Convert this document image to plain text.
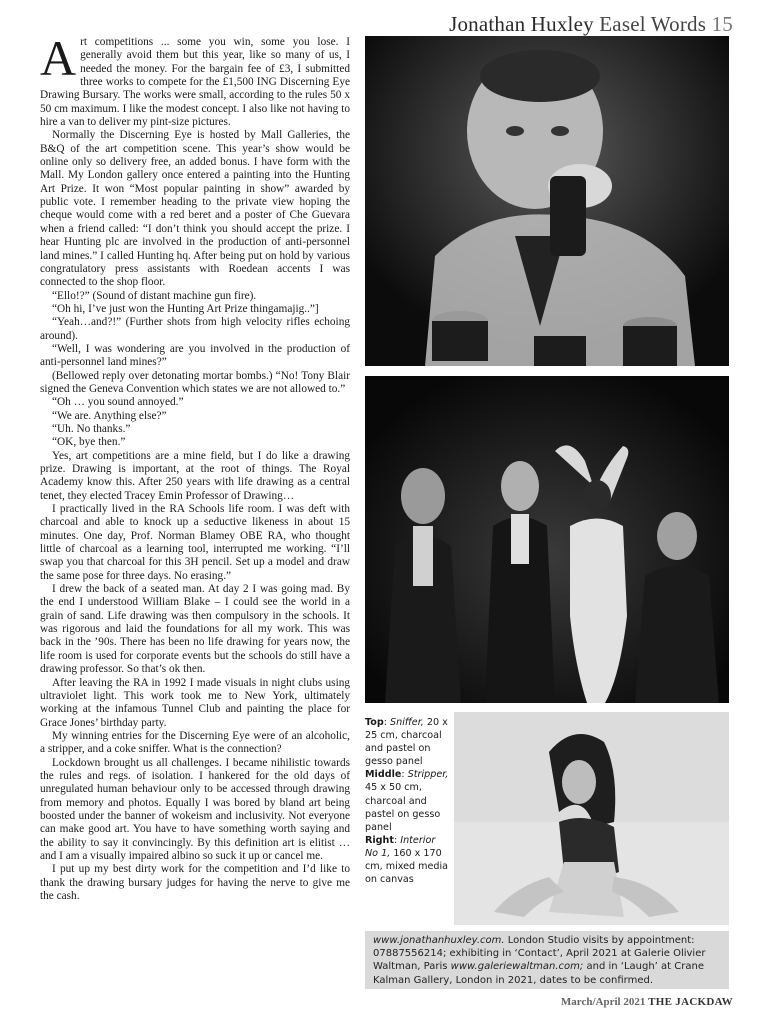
Jonathan Huxley Easel Words 15

Art competitions ... some you win, some you lose. I generally avoid them but this year, like so many of us, I needed the money. For the bargain fee of £3, I submitted three works to compete for the £1,500 ING Discerning Eye Drawing Bursary. The works were small, according to the rules 50 x 50 cm maximum. I like the modest concept. I also like not having to hire a van to deliver my pint-size pictures.

Normally the Discerning Eye is hosted by Mall Galleries, the B&Q of the art competition scene. This year’s show would be online only so delivery free, an added bonus. I have form with the Mall. My London gallery once entered a painting into the Hunting Art Prize. It won “Most popular painting in show” awarded by public vote. I remember heading to the private view hoping the cheque would come with a red beret and a poster of Che Guevara when a friend called: “I don’t think you should accept the prize. I hear Hunting plc are involved in the production of anti-personnel land mines.” I called Hunting hq. After being put on hold by various congratulatory press assistants with Roedean accents I was connected to the shop floor.

“Ello!?” (Sound of distant machine gun fire).

“Oh hi, I’ve just won the Hunting Art Prize thingamajig..”]

“Yeah…and?!” (Further shots from high velocity rifles echoing around).

“Well, I was wondering are you involved in the production of anti-personnel land mines?”

(Bellowed reply over detonating mortar bombs.) “No! Tony Blair signed the Geneva Convention which states we are not allowed to.”

“Oh … you sound annoyed.”

“We are. Anything else?”

“Uh. No thanks.”

“OK, bye then.”

Yes, art competitions are a mine field, but I do like a drawing prize. Drawing is important, at the root of things. The Royal Academy know this. After 250 years with life drawing as a central tenet, they elected Tracey Emin Professor of Drawing…

I practically lived in the RA Schools life room. I was deft with charcoal and able to knock up a seductive likeness in about 15 minutes. One day, Prof. Norman Blamey OBE RA, who thought little of charcoal as a learning tool, interrupted me working. “I’ll swap you that charcoal for this 3H pencil. Set up a model and draw the same pose for three days. No erasing.”

I drew the back of a seated man. At day 2 I was going mad. By the end I understood William Blake – I could see the world in a grain of sand. Life drawing was then compulsory in the schools. It was rigorous and laid the foundations for all my work. This was back in the ’90s. There has been no life drawing for years now, the life room is used for corporate events but the schools do still have a drawing professor. So that’s ok then.

After leaving the RA in 1992 I made visuals in night clubs using ultraviolet light. This work took me to New York, ultimately working at the infamous Tunnel Club and painting the place for Grace Jones’ birthday party.

My winning entries for the Discerning Eye were of an alcoholic, a stripper, and a coke sniffer. What is the connection?

Lockdown brought us all challenges. I became nihilistic towards the rules and regs. of isolation. I hankered for the old days of unregulated human behaviour only to be accessed through drawing from memory and photos. Equally I was bored by bland art being boosted under the banner of wokeism and inclusivity. Not everyone can make good art. You have to have something worth saying and the ability to say it convincingly. By this definition art is elitist … and I am a visually impaired albino so suck it up or cancel me.

I put up my best dirty work for the competition and I’d like to thank the drawing bursary judges for having the nerve to give me the cash.

Top: Sniffer, 20 x 25 cm, charcoal and pastel on gesso panel
Middle: Stripper, 45 x 50 cm, charcoal and pastel on gesso panel
Right: Interior No 1, 160 x 170 cm, mixed media on canvas
www.jonathanhuxley.com. London Studio visits by appointment: 07887556214; exhibiting in ‘Contact’, April 2021 at Galerie Olivier Waltman, Paris www.galeriewaltman.com; and in ‘Laugh’ at Crane Kalman Gallery, London in 2021, dates to be confirmed.
March/April 2021 THE JACKDAW
